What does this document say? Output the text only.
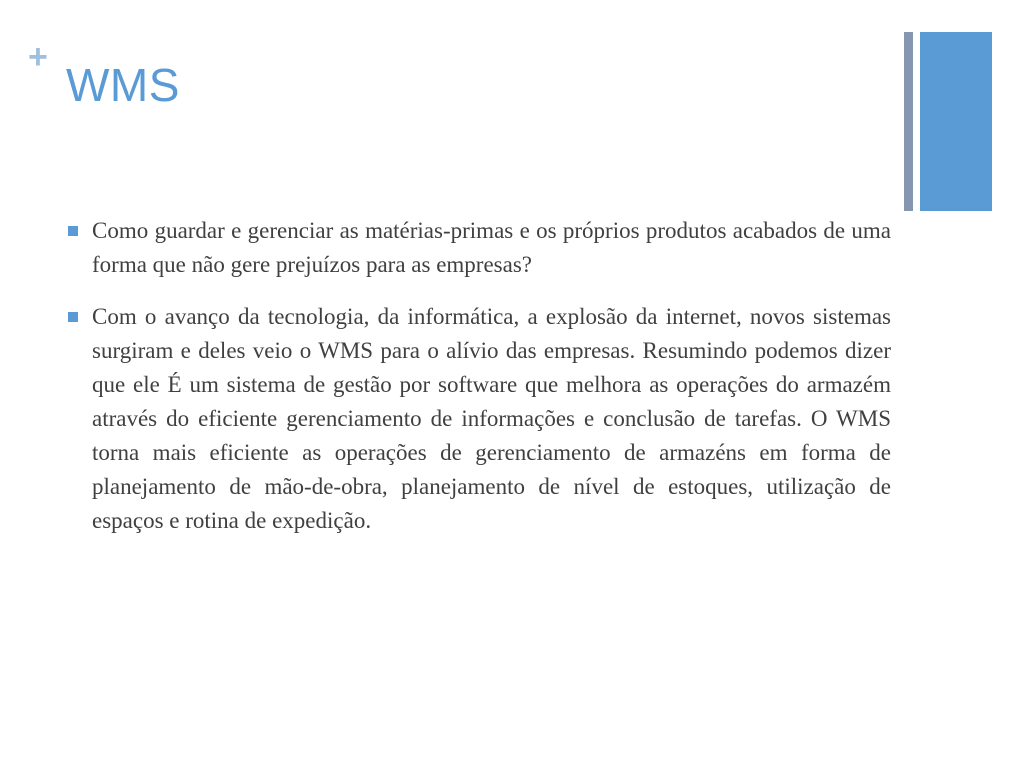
+
WMS

Como guardar e gerenciar as matérias-primas e os próprios produtos acabados de uma forma que não gere prejuízos para as empresas?

Com o avanço da tecnologia, da informática, a explosão da internet, novos sistemas surgiram e deles veio o WMS para o alívio das empresas. Resumindo podemos dizer que ele É um sistema de gestão por software que melhora as operações do armazém através do eficiente gerenciamento de informações e conclusão de tarefas. O WMS torna mais eficiente as operações de gerenciamento de armazéns em forma de planejamento de mão-de-obra, planejamento de nível de estoques, utilização de espaços e rotina de expedição.
